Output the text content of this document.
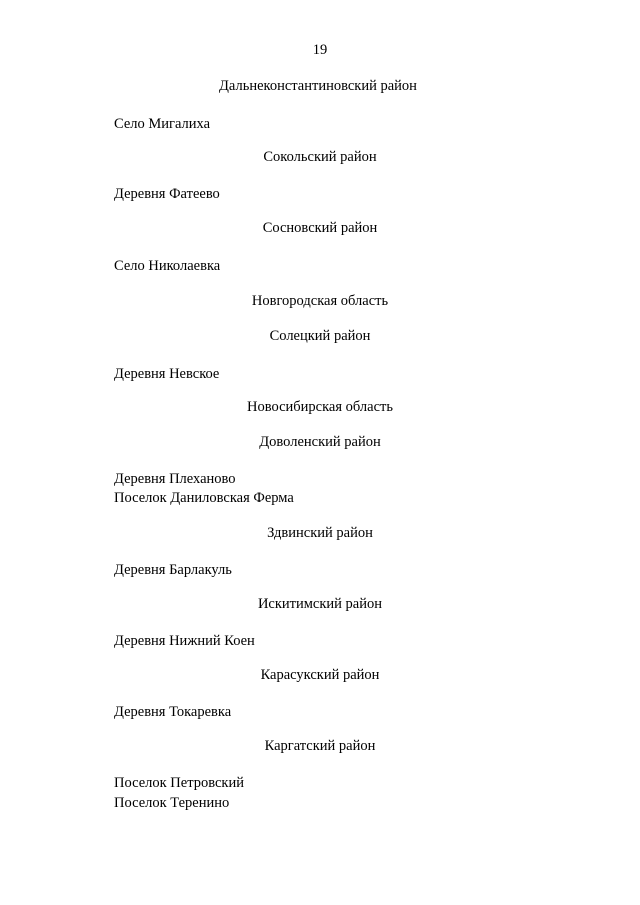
19
Дальнеконстантиновский район
Село Мигалиха
Сокольский район
Деревня Фатеево
Сосновский район
Село Николаевка
Новгородская область
Солецкий район
Деревня Невское
Новосибирская область
Доволенский район
Деревня Плеханово
Поселок Даниловская Ферма
Здвинский район
Деревня Барлакуль
Искитимский район
Деревня Нижний Коен
Карасукский район
Деревня Токаревка
Каргатский район
Поселок Петровский
Поселок Теренино
